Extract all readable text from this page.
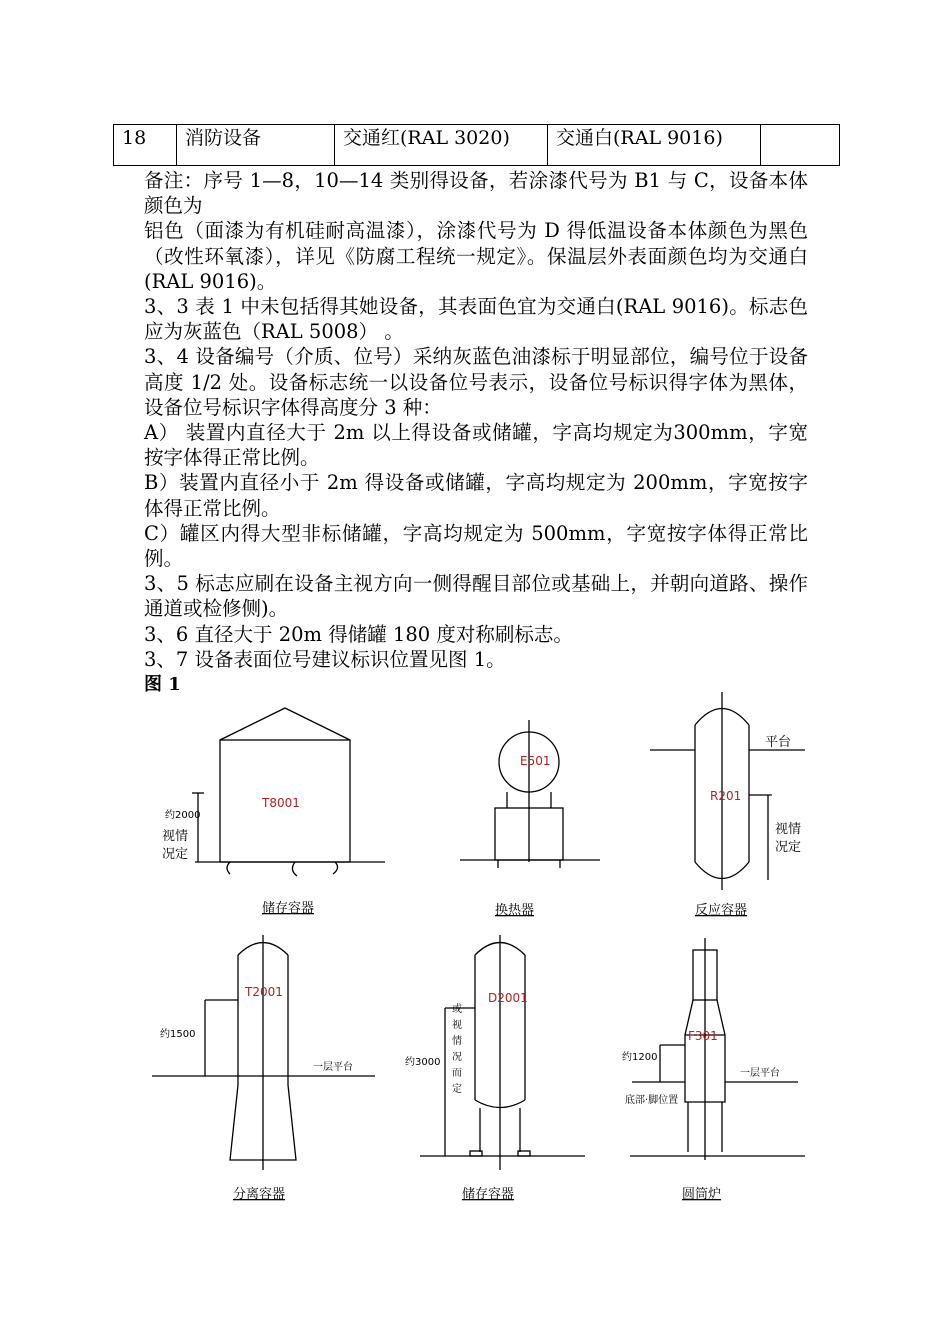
18	消防设备	交通红(RAL 3020)	交通白(RAL 9016)	

备注：序号 1—8，10—14 类别得设备，若涂漆代号为 B1 与 C，设备本体颜色为

铝色（面漆为有机硅耐高温漆），涂漆代号为 D 得低温设备本体颜色为黑色（改性环氧漆），详见《防腐工程统一规定》。保温层外表面颜色均为交通白(RAL 9016)。

3、3 表 1 中未包括得其她设备，其表面色宜为交通白(RAL 9016)。标志色应为灰蓝色（RAL 5008） 。

3、4 设备编号（介质、位号）采纳灰蓝色油漆标于明显部位，编号位于设备高度 1/2 处。设备标志统一以设备位号表示，设备位号标识得字体为黑体，设备位号标识字体得高度分 3 种：

A） 装置内直径大于 2m 以上得设备或储罐，字高均规定为300mm，字宽按字体得正常比例。

B）装置内直径小于 2m 得设备或储罐，字高均规定为 200mm，字宽按字体得正常比例。

C）罐区内得大型非标储罐，字高均规定为 500mm，字宽按字体得正常比例。

3、5 标志应刷在设备主视方向一侧得醒目部位或基础上，并朝向道路、操作通道或检修侧)。

3、6 直径大于 20m 得储罐 180 度对称刷标志。

3、7 设备表面位号建议标识位置见图 1。

图 1

T8001
约2000
视情
况定
储存容器
E501
换热器
R201
平台
视情
况定
反应容器
T2001
约1500
一层平台
分离容器
D2001
约3000
或
视
情
况
而
定
储存容器
F301
约1200
一层平台
底部·脚位置
圆筒炉
